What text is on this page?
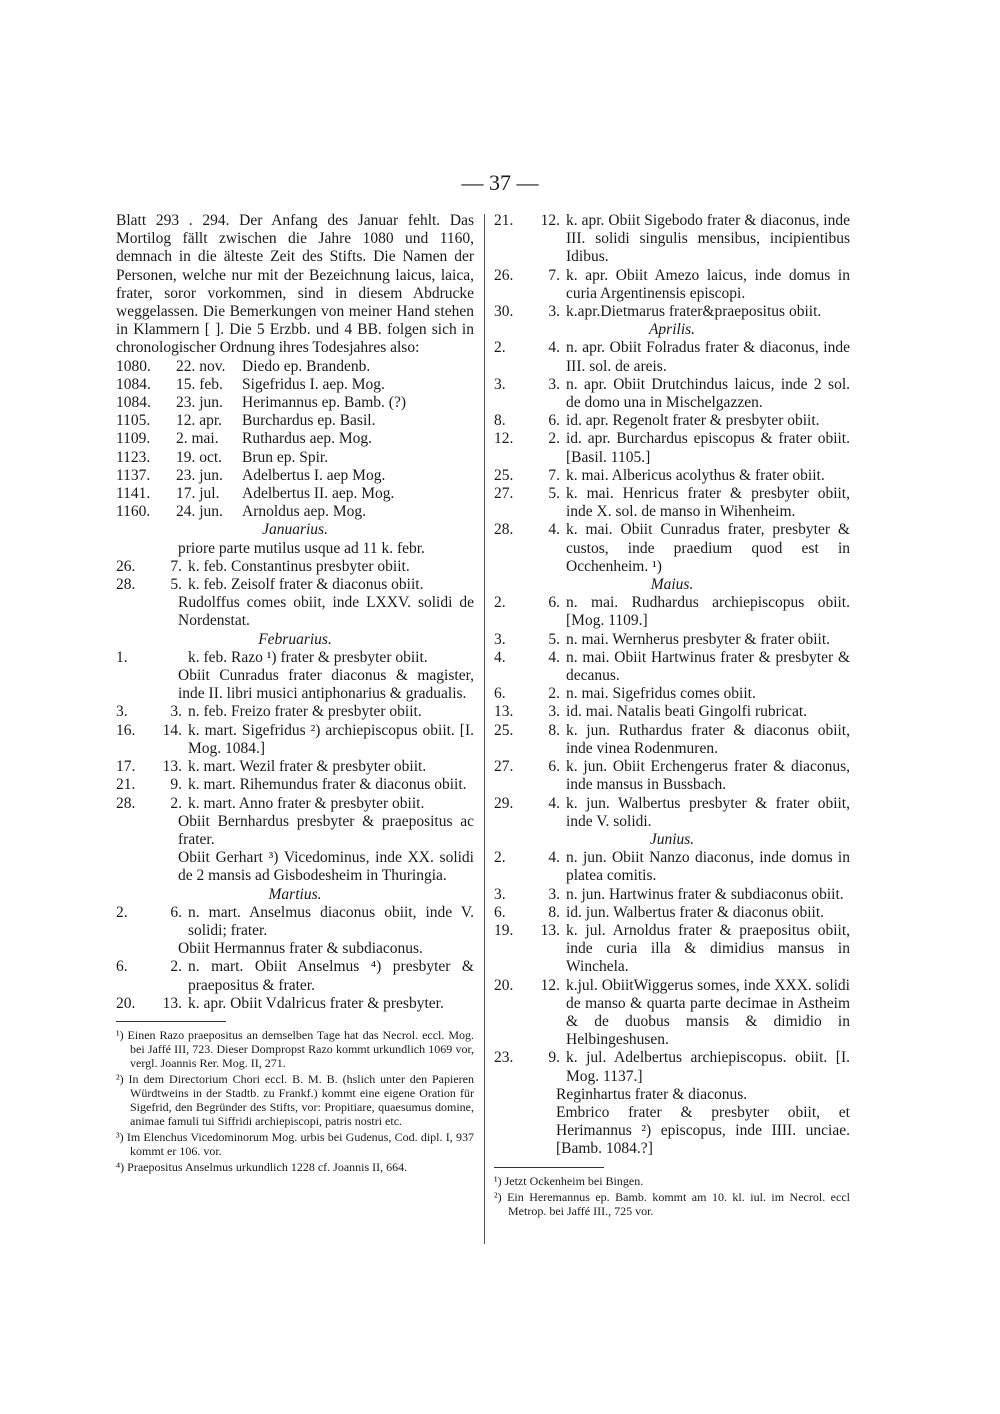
— 37 —

Blatt 293 . 294. Der Anfang des Januar fehlt. Das Mortilog fällt zwischen die Jahre 1080 und 1160, demnach in die älteste Zeit des Stifts. Die Namen der Personen, welche nur mit der Bezeichnung laicus, laica, frater, soror vorkommen, sind in diesem Abdrucke weggelassen. Die Bemerkungen von meiner Hand stehen in Klammern [ ]. Die 5 Erzbb. und 4 BB. folgen sich in chronologischer Ordnung ihres Todesjahres also:

1080.	22. nov.	Diedo ep. Brandenb.
1084.	15. feb.	Sigefridus I. aep. Mog.
1084.	23. jun.	Herimannus ep. Bamb. (?)
1105.	12. apr.	Burchardus ep. Basil.
1109.	2. mai.	Ruthardus aep. Mog.
1123.	19. oct.	Brun ep. Spir.
1137.	23. jun.	Adelbertus I. aep Mog.
1141.	17. jul.	Adelbertus II. aep. Mog.
1160.	24. jun.	Arnoldus aep. Mog.

Januarius.

priore parte mutilus usque ad 11 k. febr.

26.	7. k. feb. Constantinus presbyter obiit.
28.	5. k. feb. Zeisolf frater & diaconus obiit.

Rudolffus comes obiit, inde LXXV. solidi de Nordenstat.

Februarius.

1.	k. feb. Razo ¹) frater & presbyter obiit.

Obiit Cunradus frater diaconus & magister, inde II. libri musici antiphonarius & gradualis.

3.	3. n. feb. Freizo frater & presbyter obiit.
16.	14. k. mart. Sigefridus ²) archiepiscopus obiit. [I. Mog. 1084.]
17.	13. k. mart. Wezil frater & presbyter obiit.
21.	9. k. mart. Rihemundus frater & diaconus obiit.
28.	2. k. mart. Anno frater & presbyter obiit.

Obiit Bernhardus presbyter & praepositus ac frater.

Obiit Gerhart ³) Vicedominus, inde XX. solidi de 2 mansis ad Gisbodesheim in Thuringia.

Martius.

2.	6. n. mart. Anselmus diaconus obiit, inde V. solidi; frater.

Obiit Hermannus frater & subdiaconus.

6.	2. n. mart. Obiit Anselmus ⁴) presbyter & praepositus & frater.
20.	13. k. apr. Obiit Vdalricus frater & presbyter.

¹) Einen Razo praepositus an demselben Tage hat das Necrol. eccl. Mog. bei Jaffé III, 723. Dieser Dompropst Razo kommt urkundlich 1069 vor, vergl. Joannis Rer. Mog. II, 271.

²) In dem Directorium Chori eccl. B. M. B. (hslich unter den Papieren Würdtweins in der Stadtb. zu Frankf.) kommt eine eigene Oration für Sigefrid, den Begründer des Stifts, vor: Propitiare, quaesumus domine, animae famuli tui Siffridi archiepiscopi, patris nostri etc.

³) Im Elenchus Vicedominorum Mog. urbis bei Gudenus, Cod. dipl. I, 937 kommt er 106. vor.

⁴) Praepositus Anselmus urkundlich 1228 cf. Joannis II, 664.

21.	12. k. apr. Obiit Sigebodo frater & diaconus, inde III. solidi singulis mensibus, incipientibus Idibus.
26.	7. k. apr. Obiit Amezo laicus, inde domus in curia Argentinensis episcopi.
30.	3. k.apr.Dietmarus frater&praepositus obiit.

Aprilis.

2.	4. n. apr. Obiit Folradus frater & diaconus, inde III. sol. de areis.
3.	3. n. apr. Obiit Drutchindus laicus, inde 2 sol. de domo una in Mischelgazzen.
8.	6. id. apr. Regenolt frater & presbyter obiit.
12.	2. id. apr. Burchardus episcopus & frater obiit. [Basil. 1105.]
25.	7. k. mai. Albericus acolythus & frater obiit.
27.	5. k. mai. Henricus frater & presbyter obiit, inde X. sol. de manso in Wihenheim.
28.	4. k. mai. Obiit Cunradus frater, presbyter & custos, inde praedium quod est in Occhenheim. ¹)

Maius.

2.	6. n. mai. Rudhardus archiepiscopus obiit. [Mog. 1109.]
3.	5. n. mai. Wernherus presbyter & frater obiit.
4.	4. n. mai. Obiit Hartwinus frater & presbyter & decanus.
6.	2. n. mai. Sigefridus comes obiit.
13.	3. id. mai. Natalis beati Gingolfi rubricat.
25.	8. k. jun. Ruthardus frater & diaconus obiit, inde vinea Rodenmuren.
27.	6. k. jun. Obiit Erchengerus frater & diaconus, inde mansus in Bussbach.
29.	4. k. jun. Walbertus presbyter & frater obiit, inde V. solidi.

Junius.

2.	4. n. jun. Obiit Nanzo diaconus, inde domus in platea comitis.
3.	3. n. jun. Hartwinus frater & subdiaconus obiit.
6.	8. id. jun. Walbertus frater & diaconus obiit.
19.	13. k. jul. Arnoldus frater & praepositus obiit, inde curia illa & dimidius mansus in Winchela.
20.	12. k.jul. ObiitWiggerus somes, inde XXX. solidi de manso & quarta parte decimae in Astheim & de duobus mansis & dimidio in Helbingeshusen.
23.	9. k. jul. Adelbertus archiepiscopus. obiit. [I. Mog. 1137.]

Reginhartus frater & diaconus.

Embrico frater & presbyter obiit, et Herimannus ²) episcopus, inde IIII. unciae. [Bamb. 1084.?]

¹) Jetzt Ockenheim bei Bingen.

²) Ein Heremannus ep. Bamb. kommt am 10. kl. iul. im Necrol. eccl Metrop. bei Jaffé III., 725 vor.
